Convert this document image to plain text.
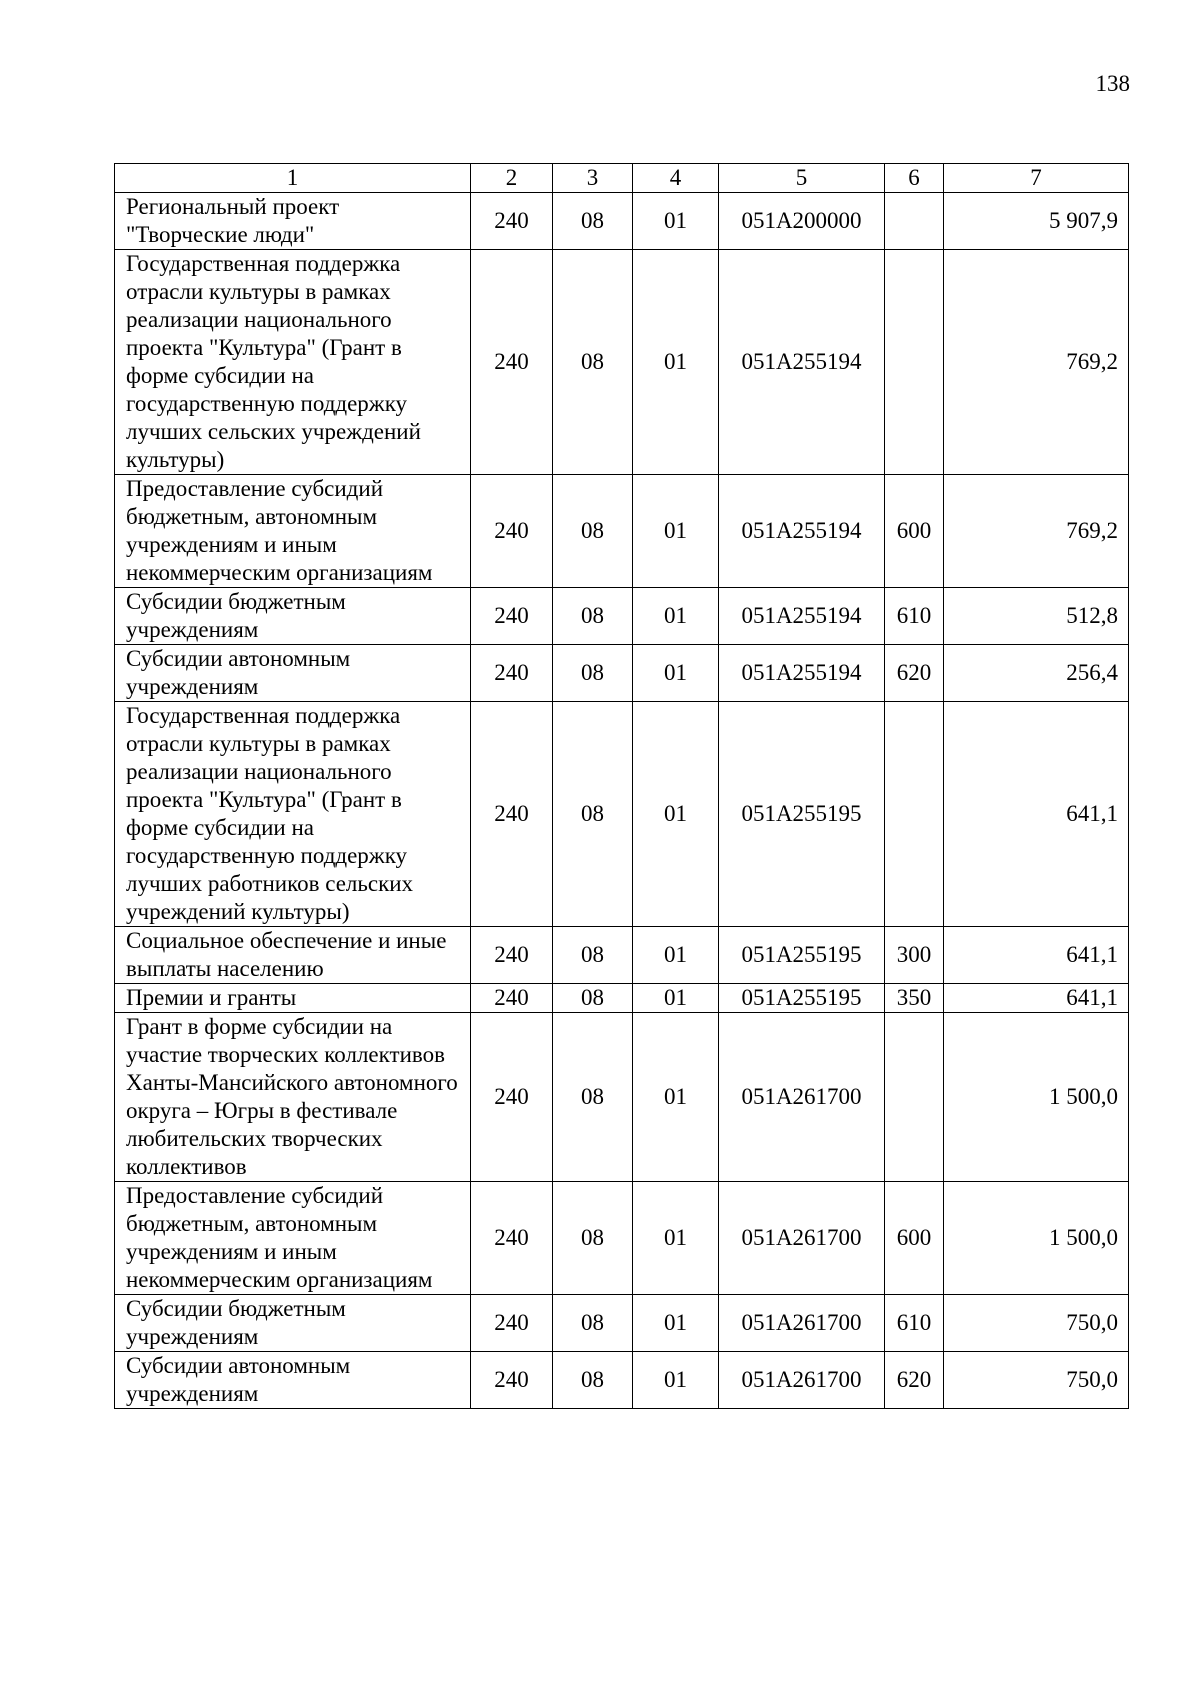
138
1	2	3	4	5	6	7
Региональный проект "Творческие люди"	240	08	01	051A200000		5 907,9
Государственная поддержка отрасли культуры в рамках реализации национального проекта "Культура" (Грант в форме субсидии на государственную поддержку лучших сельских учреждений культуры)	240	08	01	051A255194		769,2
Предоставление субсидий бюджетным, автономным учреждениям и иным некоммерческим организациям	240	08	01	051A255194	600	769,2
Субсидии бюджетным учреждениям	240	08	01	051A255194	610	512,8
Субсидии автономным учреждениям	240	08	01	051A255194	620	256,4
Государственная поддержка отрасли культуры в рамках реализации национального проекта "Культура" (Грант в форме субсидии на государственную поддержку лучших работников сельских учреждений культуры)	240	08	01	051A255195		641,1
Социальное обеспечение и иные выплаты населению	240	08	01	051A255195	300	641,1
Премии и гранты	240	08	01	051A255195	350	641,1
Грант в форме субсидии на участие творческих коллективов Ханты-Мансийского автономного округа – Югры в фестивале любительских творческих коллективов	240	08	01	051A261700		1 500,0
Предоставление субсидий бюджетным, автономным учреждениям и иным некоммерческим организациям	240	08	01	051A261700	600	1 500,0
Субсидии бюджетным учреждениям	240	08	01	051A261700	610	750,0
Субсидии автономным учреждениям	240	08	01	051A261700	620	750,0
